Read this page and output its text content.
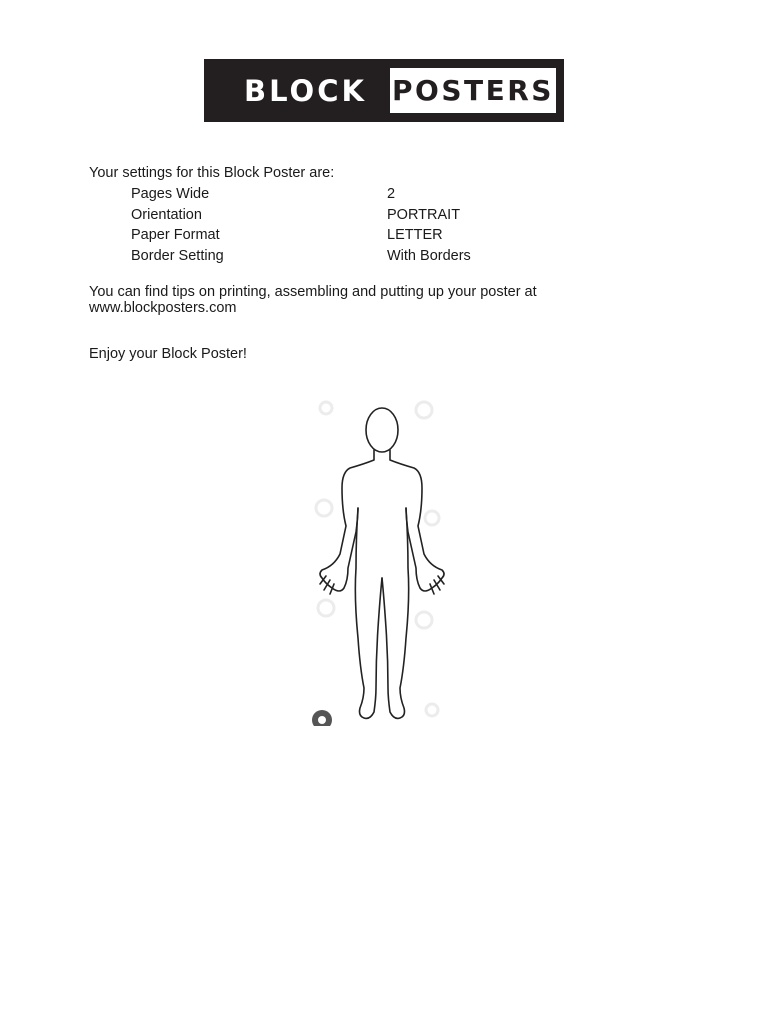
BLOCK POSTERS
Your settings for this Block Poster are:
Pages Wide	2
Orientation	PORTRAIT
Paper Format	LETTER
Border Setting	With Borders
You can find tips on printing, assembling and putting up your poster at
www.blockposters.com
Enjoy your Block Poster!
